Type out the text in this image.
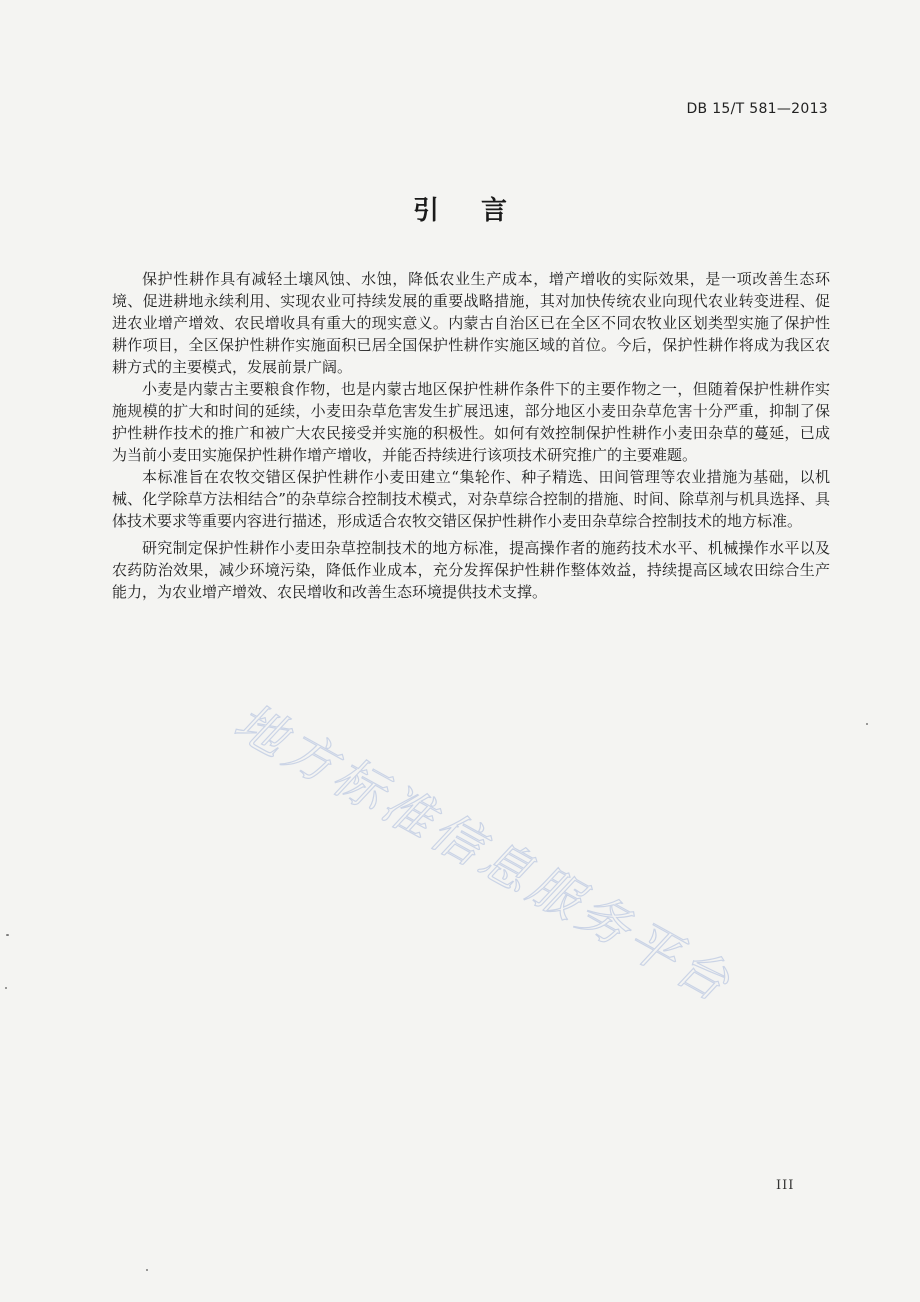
DB 15/T 581—2013
引言

保护性耕作具有减轻土壤风蚀、水蚀，降低农业生产成本，增产增收的实际效果，是一项改善生态环境、促进耕地永续利用、实现农业可持续发展的重要战略措施，其对加快传统农业向现代农业转变进程、促进农业增产增效、农民增收具有重大的现实意义。内蒙古自治区已在全区不同农牧业区划类型实施了保护性耕作项目，全区保护性耕作实施面积已居全国保护性耕作实施区域的首位。今后，保护性耕作将成为我区农耕方式的主要模式，发展前景广阔。

小麦是内蒙古主要粮食作物，也是内蒙古地区保护性耕作条件下的主要作物之一，但随着保护性耕作实施规模的扩大和时间的延续，小麦田杂草危害发生扩展迅速，部分地区小麦田杂草危害十分严重，抑制了保护性耕作技术的推广和被广大农民接受并实施的积极性。如何有效控制保护性耕作小麦田杂草的蔓延，已成为当前小麦田实施保护性耕作增产增收，并能否持续进行该项技术研究推广的主要难题。

本标准旨在农牧交错区保护性耕作小麦田建立“集轮作、种子精选、田间管理等农业措施为基础，以机械、化学除草方法相结合”的杂草综合控制技术模式，对杂草综合控制的措施、时间、除草剂与机具选择、具体技术要求等重要内容进行描述，形成适合农牧交错区保护性耕作小麦田杂草综合控制技术的地方标准。

研究制定保护性耕作小麦田杂草控制技术的地方标准，提高操作者的施药技术水平、机械操作水平以及农药防治效果，减少环境污染，降低作业成本，充分发挥保护性耕作整体效益，持续提高区域农田综合生产能力，为农业增产增效、农民增收和改善生态环境提供技术支撑。

地方标准信息服务平台
III
